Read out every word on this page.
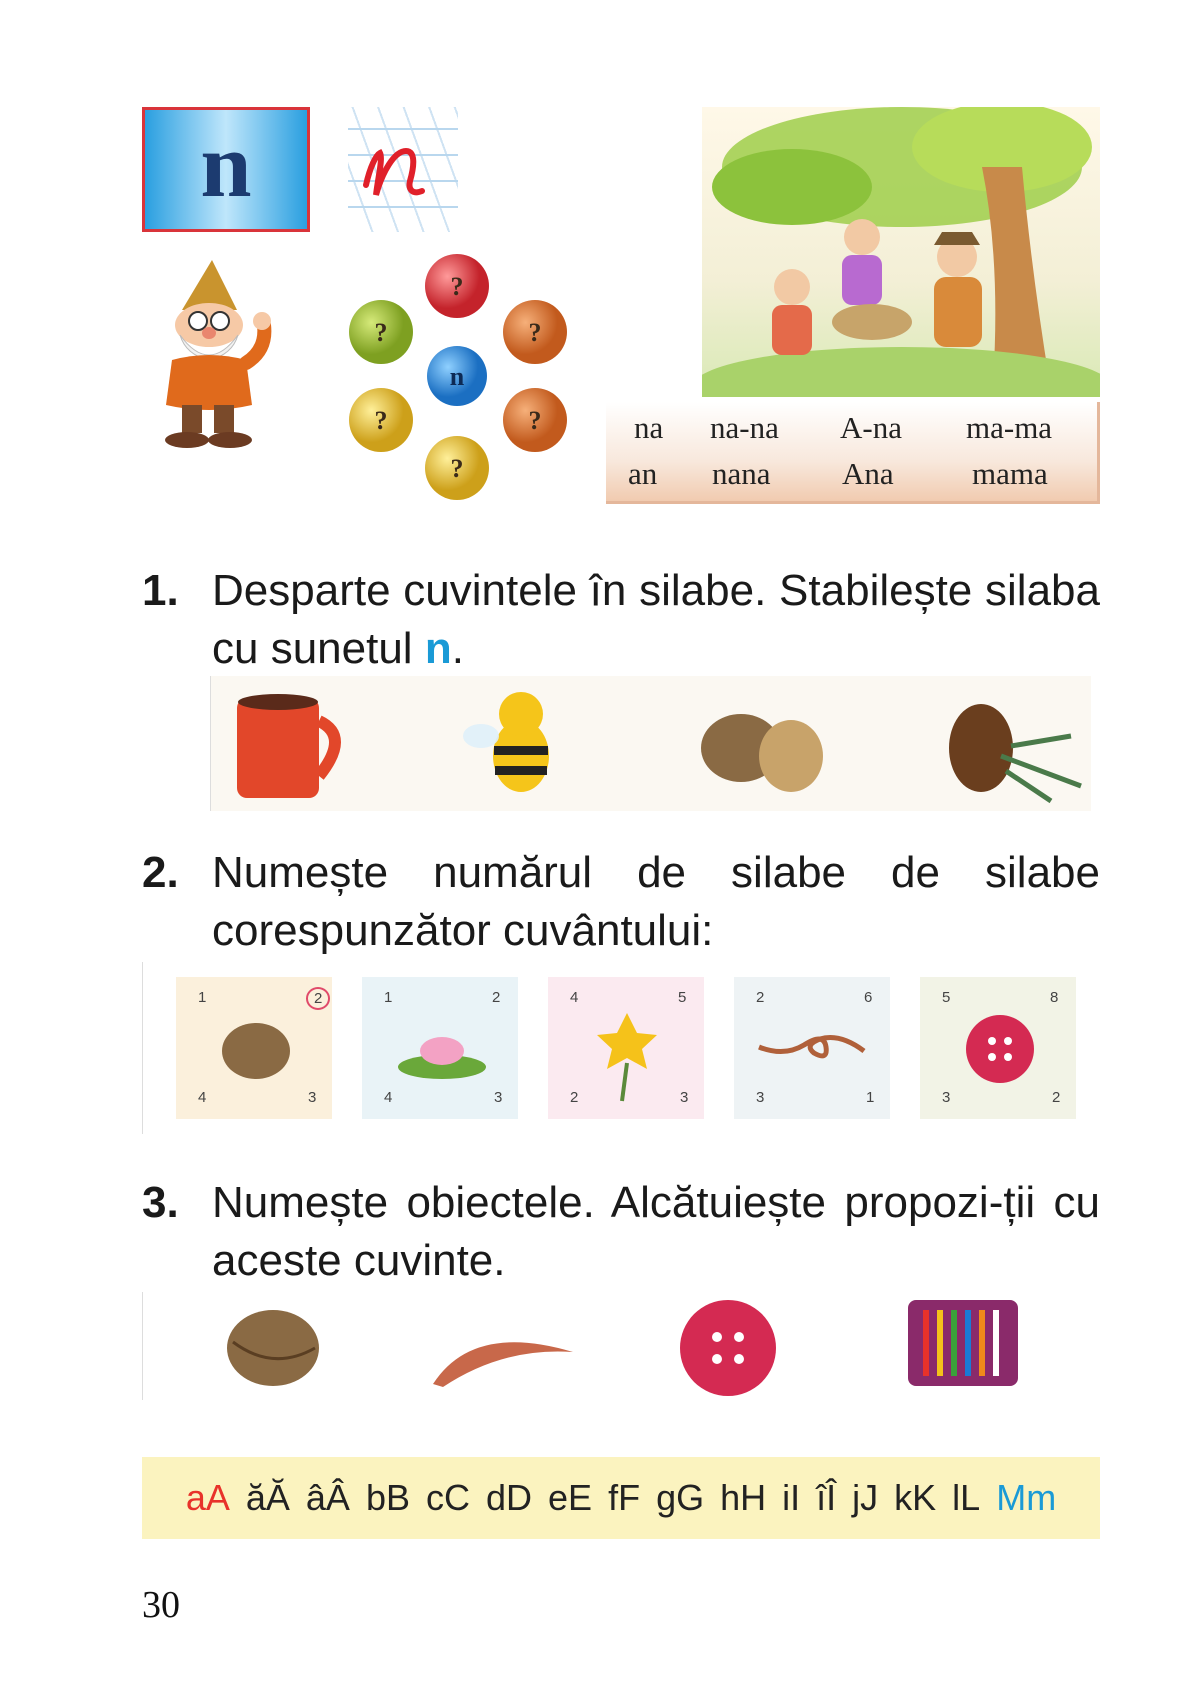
n
?
?	?
?	?
?
n
na na-na A-na ma-ma
an nana Ana	mama
1. Desparte cuvintele în silabe. Stabilește silaba cu sunetul n.
2. Numește numărul de silabe de silabe corespunzător cuvântului:
1	2
4	3
1	2
4	3
4	5
2	3
2	6
3	1
5	8
3	2
3. Numește obiectele. Alcătuiește propozi-ții cu aceste cuvinte.
aA ăĂ âÂ bB cC dD eE fF gG hH iI îÎ jJ kK lL Mm
30
